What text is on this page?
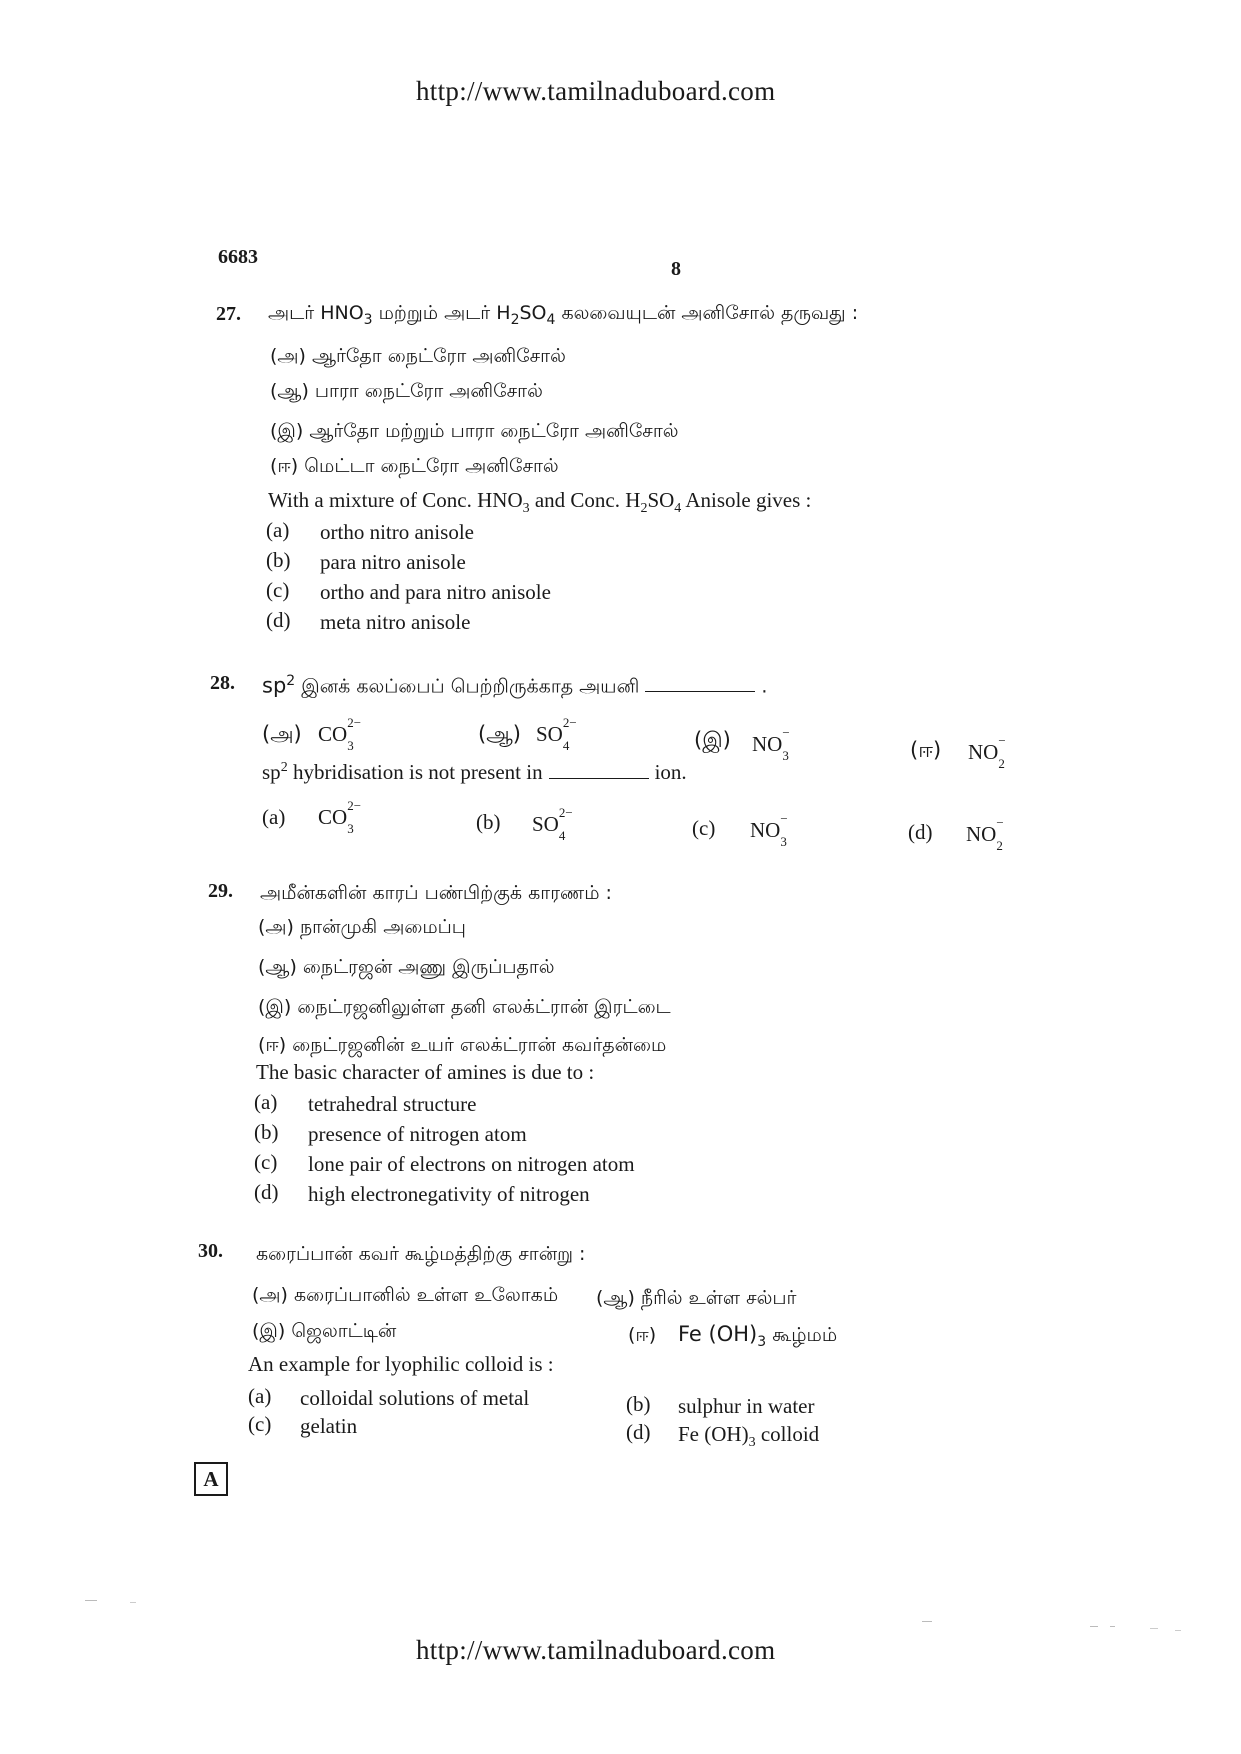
http://www.tamilnaduboard.com
6683
8
27. அடர் $HNO_3$ மற்றும் அடர் $H_2SO_4$ கலவையுடன் அனிசோல் தருவது :
(அ) ஆர்தோ நைட்ரோ அனிசோல்
(ஆ) பாரா நைட்ரோ அனிசோல்
(இ) ஆர்தோ மற்றும் பாரா நைட்ரோ அனிசோல்
(ஈ) மெட்டா நைட்ரோ அனிசோல்
With a mixture of Conc. $HNO_3$ and Conc. $H_2SO_4$ Anisole gives :
(a) ortho nitro anisole
(b) para nitro anisole
(c) ortho and para nitro anisole
(d) meta nitro anisole
28. $sp^2$ இனக் கலப்பைப் பெற்றிருக்காத அயனி	.
(அ) CO 2−
3	(ஆ) SO 2−
4	(இ) NO −
3	(ஈ) NO −
2
$sp^2$ hybridisation is not present in	ion.
(a) CO 2−
3	(b) SO 2−
4	(c) NO −
3	(d) NO −
2
29. அமீன்களின் காரப் பண்பிற்குக் காரணம் :
(அ) நான்முகி அமைப்பு
(ஆ) நைட்ரஜன் அணு இருப்பதால்
(இ) நைட்ரஜனிலுள்ள தனி எலக்ட்ரான் இரட்டை
(ஈ) நைட்ரஜனின் உயர் எலக்ட்ரான் கவர்தன்மை
The basic character of amines is due to :
(a) tetrahedral structure
(b) presence of nitrogen atom
(c) lone pair of electrons on nitrogen atom
(d) high electronegativity of nitrogen
30. கரைப்பான் கவர் கூழ்மத்திற்கு சான்று :
(அ) கரைப்பானில் உள்ள உலோகம் (ஆ) நீரில் உள்ள சல்பர்
(இ) ஜெலாட்டின்	(ஈ) Fe $(OH)_3$ கூழ்மம்
An example for lyophilic colloid is :
(a) colloidal solutions of metal	(b) sulphur in water
(c) gelatin	(d) Fe $(OH)_3$ colloid
A
http://www.tamilnaduboard.com
